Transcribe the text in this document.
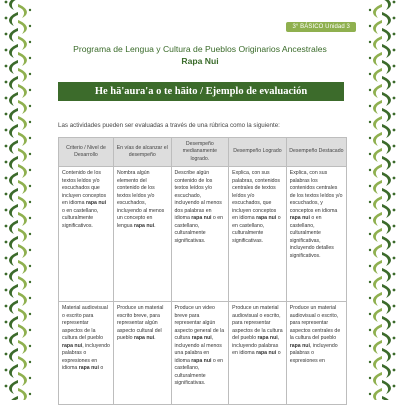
3° BÁSICO Unidad 3
Programa de Lengua y Cultura de Pueblos Originarios Ancestrales
Rapa Nui
He hā'aura'a o te hāito / Ejemplo de evaluación
Las actividades pueden ser evaluadas a través de una rúbrica como la siguiente:
Criterio / Nivel de Desarrollo	En vías de alcanzar el desempeño	Desempeño medianamente logrado.	Desempeño Logrado	Desempeño Destacado
Contenido de los textos leídos y/o escuchados que incluyen conceptos en idioma rapa nui o en castellano, culturalmente significativos.	Nombra algún elemento del contenido de los textos leídos y/o escuchados, incluyendo al menos un concepto en lengua rapa nui.	Describe algún contenido de los textos leídos y/o escuchado, incluyendo al menos dos palabras en idioma rapa nui o en castellano, culturalmente significativas.	Explica, con sus palabras, contenidos centrales de textos leídos y/o escuchados, que incluyen conceptos en idioma rapa nui o en castellano, culturalmente significativas.	Explica, con sus palabras los contenidos centrales de los textos leídos y/o escuchados, y conceptos en idioma rapa nui o en castellano, culturalmente significativas, incluyendo detalles significativos.
Material audiovisual o escrito para representar aspectos de la cultura del pueblo rapa nui, incluyendo palabras o expresiones en idioma rapa nui o	Produce un material escrito breve, para representar algún aspecto cultural del pueblo rapa nui.	Produce un video breve para representar algún aspecto general de la cultura rapa nui, incluyendo al menos una palabra en idioma rapa nui o en castellano, culturalmente significativas.	Produce un material audiovisual o escrito, para representar aspectos de la cultura del pueblo rapa nui, incluyendo palabras en idioma rapa nui o	Produce un material audiovisual o escrito, para representar aspectos centrales de la cultura del pueblo rapa nui, incluyendo palabras o expresiones en
